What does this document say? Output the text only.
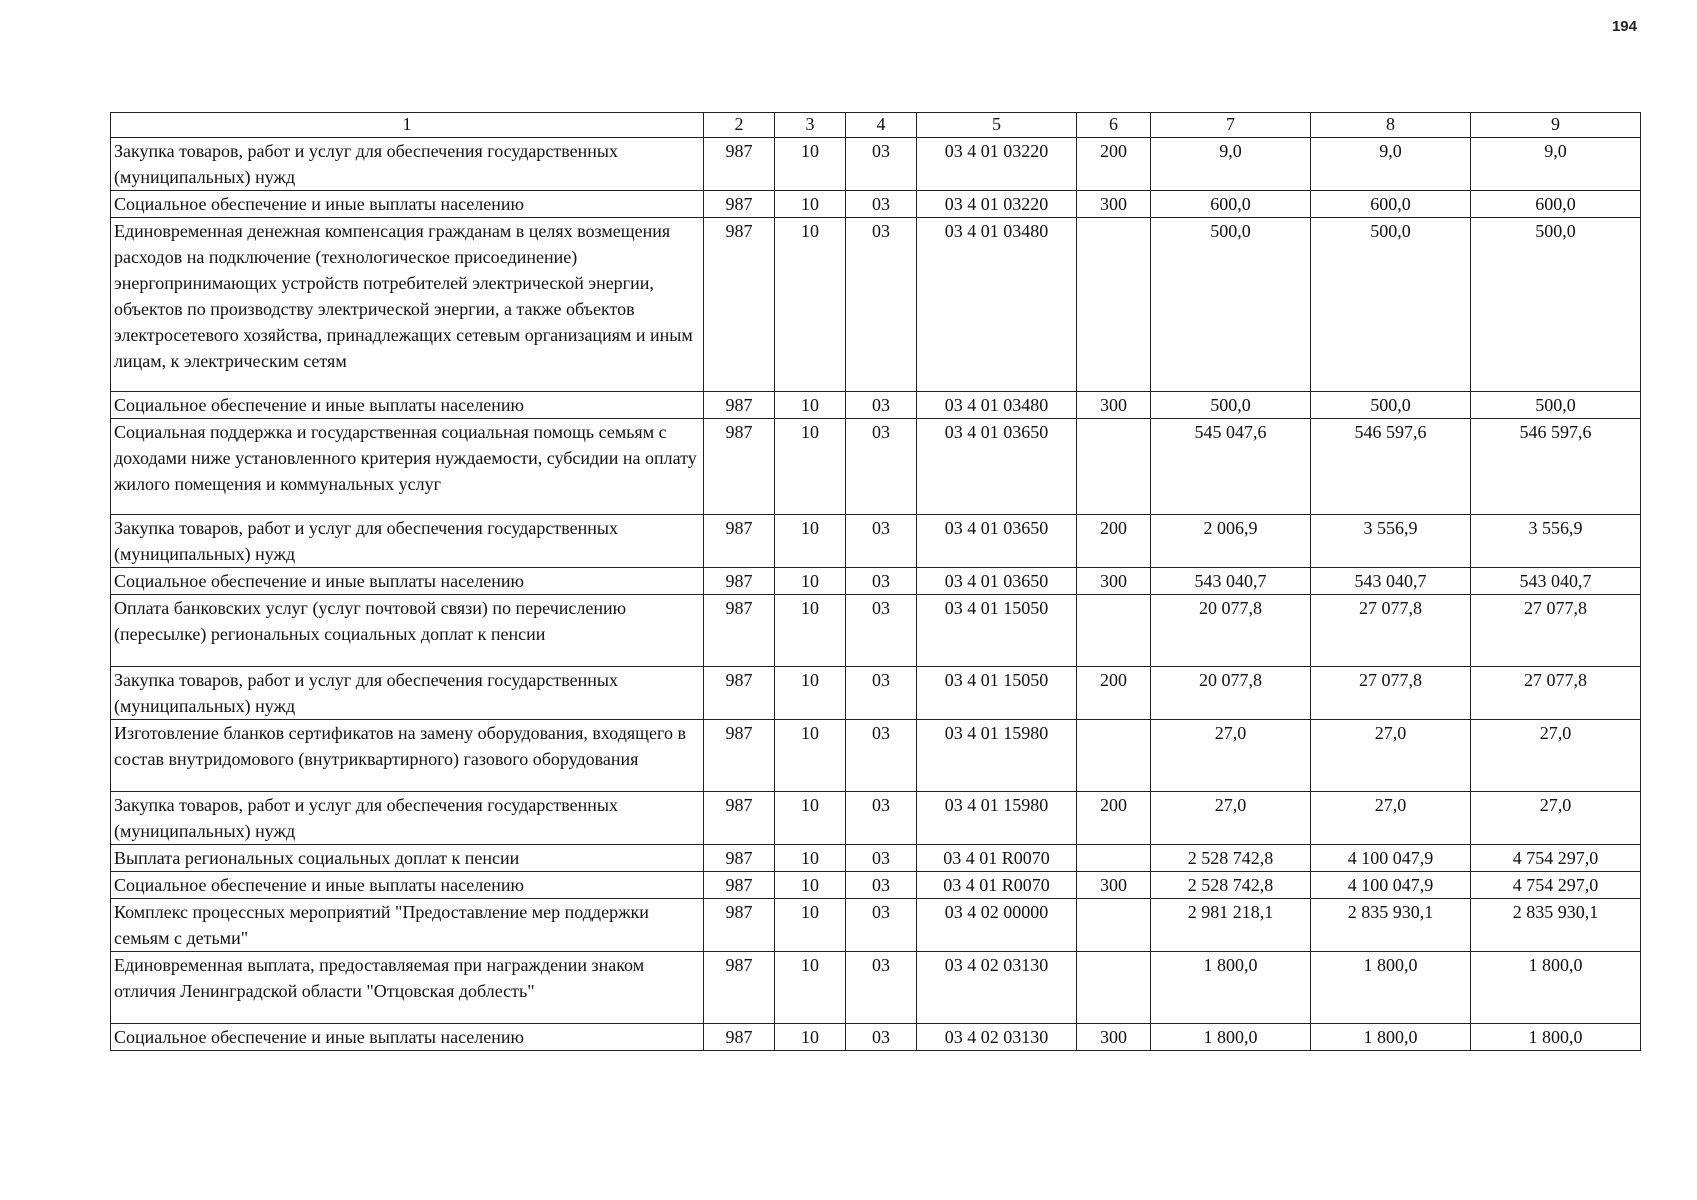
194
1	2	3	4	5	6	7	8	9
Закупка товаров, работ и услуг для обеспечения государственных (муниципальных) нужд	987	10	03	03 4 01 03220	200	9,0	9,0	9,0
Социальное обеспечение и иные выплаты населению	987	10	03	03 4 01 03220	300	600,0	600,0	600,0
Единовременная денежная компенсация гражданам в целях возмещения расходов на подключение (технологическое присоединение) энергопринимающих устройств потребителей электрической энергии, объектов по производству электрической энергии, а также объектов электросетевого хозяйства, принадлежащих сетевым организациям и иным лицам, к электрическим сетям	987	10	03	03 4 01 03480		500,0	500,0	500,0
Социальное обеспечение и иные выплаты населению	987	10	03	03 4 01 03480	300	500,0	500,0	500,0
Социальная поддержка и государственная социальная помощь семьям с доходами ниже установленного критерия нуждаемости, субсидии на оплату жилого помещения и коммунальных услуг	987	10	03	03 4 01 03650		545 047,6	546 597,6	546 597,6
Закупка товаров, работ и услуг для обеспечения государственных (муниципальных) нужд	987	10	03	03 4 01 03650	200	2 006,9	3 556,9	3 556,9
Социальное обеспечение и иные выплаты населению	987	10	03	03 4 01 03650	300	543 040,7	543 040,7	543 040,7
Оплата банковских услуг (услуг почтовой связи) по перечислению (пересылке) региональных социальных доплат к пенсии	987	10	03	03 4 01 15050		20 077,8	27 077,8	27 077,8
Закупка товаров, работ и услуг для обеспечения государственных (муниципальных) нужд	987	10	03	03 4 01 15050	200	20 077,8	27 077,8	27 077,8
Изготовление бланков сертификатов на замену оборудования, входящего в состав внутридомового (внутриквартирного) газового оборудования	987	10	03	03 4 01 15980		27,0	27,0	27,0
Закупка товаров, работ и услуг для обеспечения государственных (муниципальных) нужд	987	10	03	03 4 01 15980	200	27,0	27,0	27,0
Выплата региональных социальных доплат к пенсии	987	10	03	03 4 01 R0070		2 528 742,8	4 100 047,9	4 754 297,0
Социальное обеспечение и иные выплаты населению	987	10	03	03 4 01 R0070	300	2 528 742,8	4 100 047,9	4 754 297,0
Комплекс процессных мероприятий "Предоставление мер поддержки семьям с детьми"	987	10	03	03 4 02 00000		2 981 218,1	2 835 930,1	2 835 930,1
Единовременная выплата, предоставляемая при награждении знаком отличия Ленинградской области "Отцовская доблесть"	987	10	03	03 4 02 03130		1 800,0	1 800,0	1 800,0
Социальное обеспечение и иные выплаты населению	987	10	03	03 4 02 03130	300	1 800,0	1 800,0	1 800,0
